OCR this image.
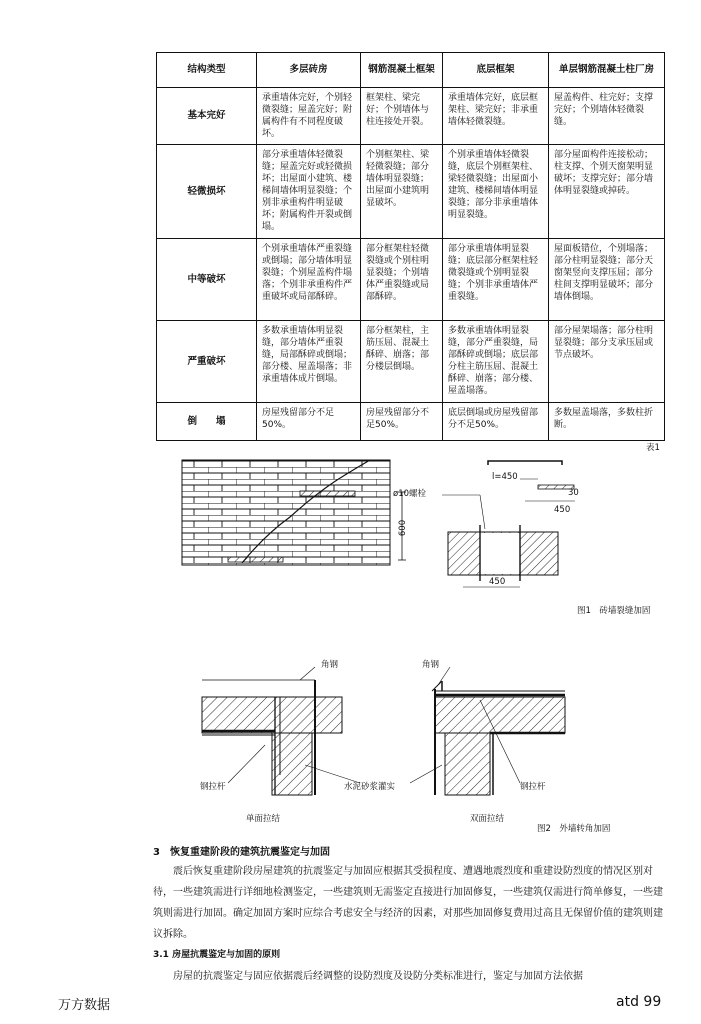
结构类型	多层砖房	钢筋混凝土框架	底层框架	单层钢筋混凝土柱厂房
基本完好	承重墙体完好，个别轻微裂缝；屋盖完好；附属构件有不同程度破坏。	框架柱、梁完好；个别墙体与柱连接处开裂。	承重墙体完好，底层框架柱、梁完好；非承重墙体轻微裂缝。	屋盖构件、柱完好；支撑完好；个别墙体轻微裂缝。
轻微损坏	部分承重墙体轻微裂缝；屋盖完好或轻微损坏；出屋面小建筑、楼梯间墙体明显裂缝；个别非承重构件明显破坏；附属构件开裂或倒塌。	个别框架柱、梁轻微裂缝；部分墙体明显裂缝；出屋面小建筑明显破坏。	个别承重墙体轻微裂缝，底层个别框架柱、梁轻微裂缝；出屋面小建筑、楼梯间墙体明显裂缝；部分非承重墙体明显裂缝。	部分屋面构件连接松动；柱支撑、个别天窗架明显破坏；支撑完好；部分墙体明显裂缝或掉砖。
中等破坏	个别承重墙体严重裂缝或倒塌；部分墙体明显裂缝；个别屋盖构件塌落；个别非承重构件严重破坏或局部酥碎。	部分框架柱轻微裂缝或个别柱明显裂缝；个别墙体严重裂缝或局部酥碎。	部分承重墙体明显裂缝；底层部分框架柱轻微裂缝或个别明显裂缝；个别非承重墙体严重裂缝。	屋面板错位，个别塌落；部分柱明显裂缝；部分天窗架竖向支撑压屈；部分柱间支撑明显破坏；部分墙体倒塌。
严重破坏	多数承重墙体明显裂缝，部分墙体严重裂缝，局部酥碎或倒塌；部分楼、屋盖塌落；非承重墙体成片倒塌。	部分框架柱，主筋压屈、混凝土酥碎、崩落；部分楼层倒塌。	多数承重墙体明显裂缝，部分严重裂缝，局部酥碎或倒塌；底层部分柱主筋压屈、混凝土酥碎、崩落；部分楼、屋盖塌落。	部分屋架塌落；部分柱明显裂缝；部分支承压屈或节点破坏。
倒　　塌	房屋残留部分不足50%。	房屋残留部分不足50%。	底层倒塌或房屋残留部分不足50%。	多数屋盖塌落，多数柱折断。
表1
ø10螺栓
l=450
30
450
600
450
图1　砖墙裂缝加固
角钢	角钢
钢拉杆	水泥砂浆灌实	钢拉杆
单面拉结	双面拉结
图2　外墙转角加固
3　恢复重建阶段的建筑抗震鉴定与加固
震后恢复重建阶段房屋建筑的抗震鉴定与加固应根据其受损程度、遭遇地震烈度和重建设防烈度的情况区别对待，一些建筑需进行详细地检测鉴定，一些建筑则无需鉴定直接进行加固修复，一些建筑仅需进行简单修复，一些建筑则需进行加固。确定加固方案时应综合考虑安全与经济的因素，对那些加固修复费用过高且无保留价值的建筑则建议拆除。
3.1 房屋抗震鉴定与加固的原则
房屋的抗震鉴定与固应依据震后经调整的设防烈度及设防分类标准进行，鉴定与加固方法依据
万方数据	atd 99
